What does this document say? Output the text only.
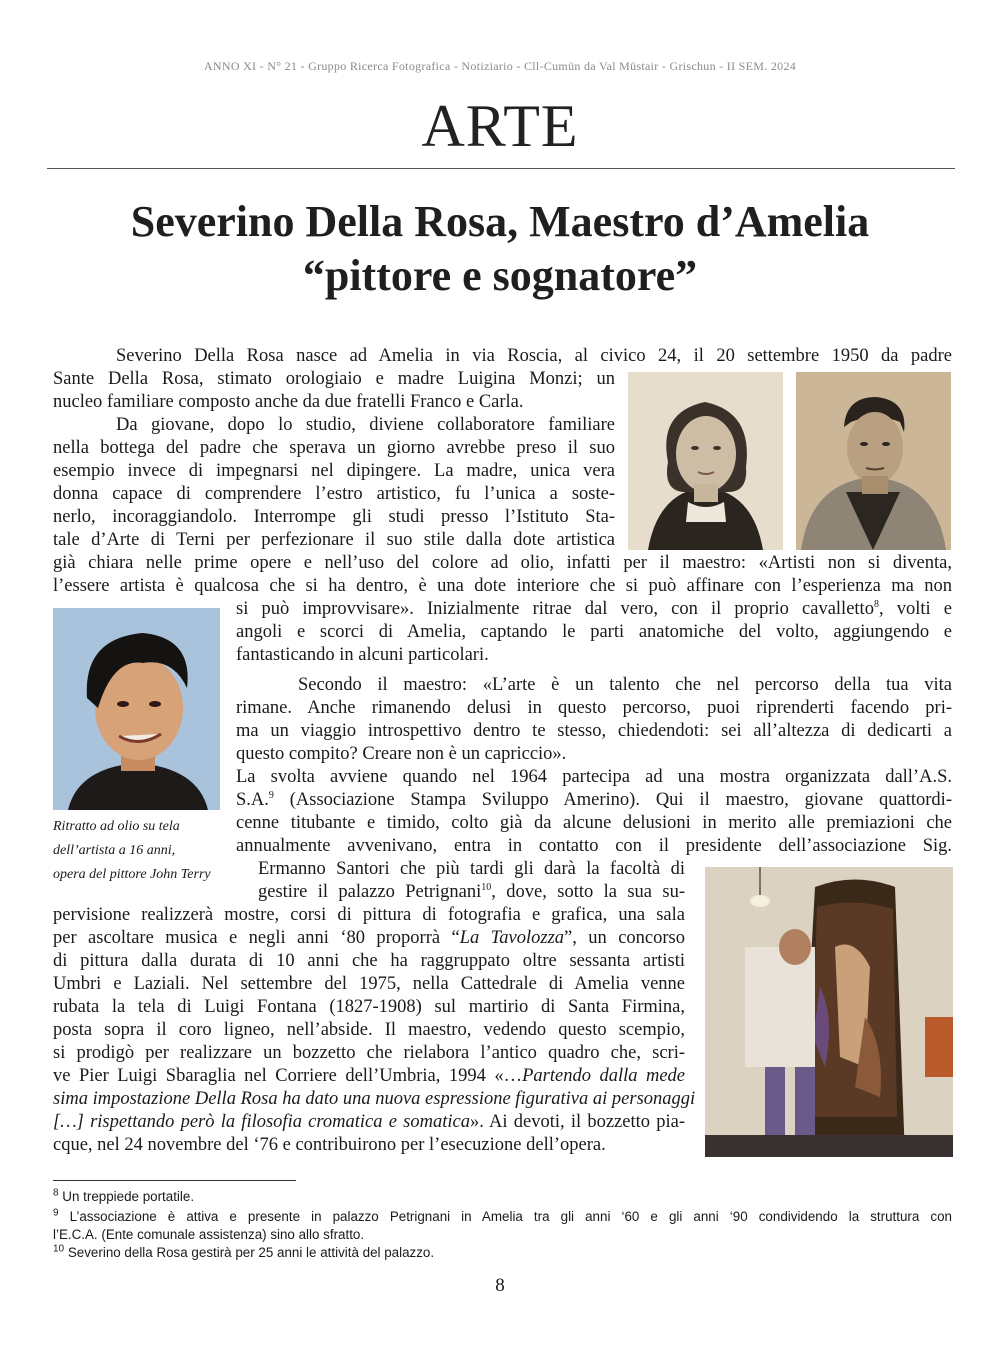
ANNO XI - N° 21 - Gruppo Ricerca Fotografica - Notiziario - Cll-Cumün da Val Müstair - Grischun - II SEM. 2024
ARTE
Severino Della Rosa, Maestro d’Amelia
“pittore e sognatore”
Ritratto ad olio su tela
dell’artista a 16 anni,
opera del pittore John Terry
Severino Della Rosa nasce ad Amelia in via Roscia, al civico 24, il 20 settembre 1950 da padre
Sante Della Rosa, stimato orologiaio e madre Luigina Monzi; un
nucleo familiare composto anche da due fratelli Franco e Carla.
Da giovane, dopo lo studio, diviene collaboratore familiare
nella bottega del padre che sperava un giorno avrebbe preso il suo
esempio invece di impegnarsi nel dipingere. La madre, unica vera
donna capace di comprendere l’estro artistico, fu l’unica a soste-
nerlo, incoraggiandolo. Interrompe gli studi presso l’Istituto Sta-
tale d’Arte di Terni per perfezionare il suo stile dalla dote artistica
già chiara nelle prime opere e nell’uso del colore ad olio, infatti per il maestro: «Artisti non si diventa,
l’essere artista è qualcosa che si ha dentro, è una dote interiore che si può affinare con l’esperienza ma non
si può improvvisare». Inizialmente ritrae dal vero, con il proprio cavalletto$^8$, volti e
angoli e scorci di Amelia, captando le parti anatomiche del volto, aggiungendo e
fantasticando in alcuni particolari.
Secondo il maestro: «L’arte è un talento che nel percorso della tua vita
rimane. Anche rimanendo delusi in questo percorso, puoi riprenderti facendo pri-
ma un viaggio introspettivo dentro te stesso, chiedendoti: sei all’altezza di dedicarti a
questo compito? Creare non è un capriccio».
La svolta avviene quando nel 1964 partecipa ad una mostra organizzata dall’A.S.
S.A.$^9$ (Associazione Stampa Sviluppo Amerino). Qui il maestro, giovane quattordi-
cenne titubante e timido, colto già da alcune delusioni in merito alle premiazioni che
annualmente avvenivano, entra in contatto con il presidente dell’associazione Sig.
Ermanno Santori che più tardi gli darà la facoltà di
gestire il palazzo Petrignani$^{10}$, dove, sotto la sua su-
pervisione realizzerà mostre, corsi di pittura di fotografia e grafica, una sala
per ascoltare musica e negli anni ‘80 proporrà “La Tavolozza”, un concorso
di pittura dalla durata di 10 anni che ha raggruppato oltre sessanta artisti
Umbri e Laziali. Nel settembre del 1975, nella Cattedrale di Amelia venne
rubata la tela di Luigi Fontana (1827-1908) sul martirio di Santa Firmina,
posta sopra il coro ligneo, nell’abside. Il maestro, vedendo questo scempio,
si prodigò per realizzare un bozzetto che rielabora l’antico quadro che, scri-
ve Pier Luigi Sbaraglia nel Corriere dell’Umbria, 1994 «…Partendo dalla mede
sima impostazione Della Rosa ha dato una nuova espressione figurativa ai personaggi
[…] rispettando però la filosofia cromatica e somatica». Ai devoti, il bozzetto pia-
cque, nel 24 novembre del ‘76 e contribuirono per l’esecuzione dell’opera.
$^8$ Un treppiede portatile.
$^9$ L’associazione è attiva e presente in palazzo Petrignani in Amelia tra gli anni ‘60 e gli anni ‘90 condividendo la struttura con
l’E.C.A. (Ente comunale assistenza) sino allo sfratto.
$^{10}$ Severino della Rosa gestirà per 25 anni le attività del palazzo.
8
